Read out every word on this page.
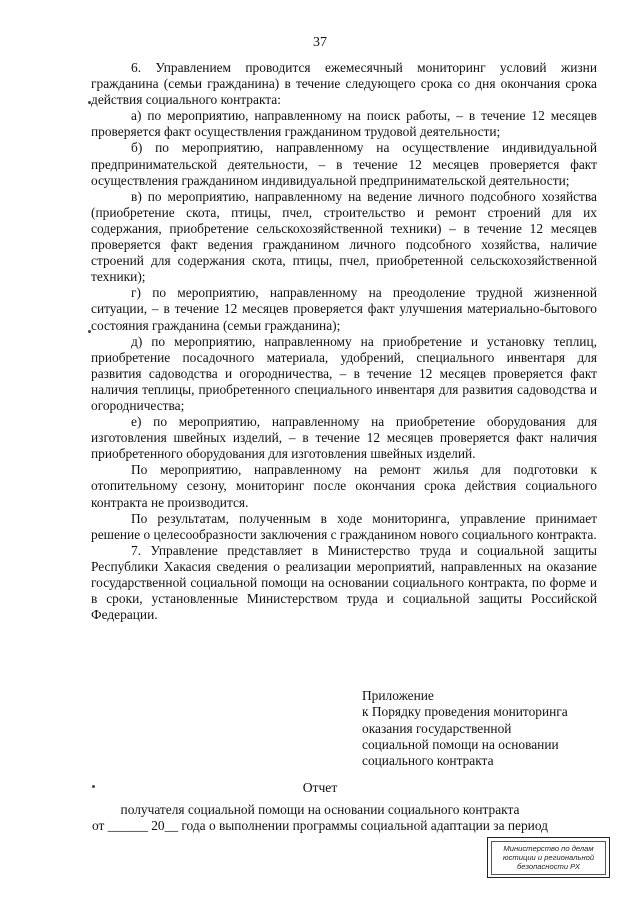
37

6. Управлением проводится ежемесячный мониторинг условий жизни гражданина (семьи гражданина) в течение следующего срока со дня окончания срока действия социального контракта:

а) по мероприятию, направленному на поиск работы, – в течение 12 месяцев проверяется факт осуществления гражданином трудовой деятельности;

б) по мероприятию, направленному на осуществление индивидуальной предпринимательской деятельности, – в течение 12 месяцев проверяется факт осуществления гражданином индивидуальной предпринимательской деятельности;

в) по мероприятию, направленному на ведение личного подсобного хозяйства (приобретение скота, птицы, пчел, строительство и ремонт строений для их содержания, приобретение сельскохозяйственной техники) – в течение 12 месяцев проверяется факт ведения гражданином личного подсобного хозяйства, наличие строений для содержания скота, птицы, пчел, приобретенной сельскохозяйственной техники);

г) по мероприятию, направленному на преодоление трудной жизненной ситуации, – в течение 12 месяцев проверяется факт улучшения материально-бытового состояния гражданина (семьи гражданина);

д) по мероприятию, направленному на приобретение и установку теплиц, приобретение посадочного материала, удобрений, специального инвентаря для развития садоводства и огородничества, – в течение 12 месяцев проверяется факт наличия теплицы, приобретенного специального инвентаря для развития садоводства и огородничества;

е) по мероприятию, направленному на приобретение оборудования для изготовления швейных изделий, – в течение 12 месяцев проверяется факт наличия приобретенного оборудования для изготовления швейных изделий.

По мероприятию, направленному на ремонт жилья для подготовки к отопительному сезону, мониторинг после окончания срока действия социального контракта не производится.

По результатам, полученным в ходе мониторинга, управление принимает решение о целесообразности заключения с гражданином нового социального контракта.

7. Управление представляет в Министерство труда и социальной защиты Республики Хакасия сведения о реализации мероприятий, направленных на оказание государственной социальной помощи на основании социального контракта, по форме и в сроки, установленные Министерством труда и социальной защиты Российской Федерации.

Приложение
к Порядку проведения мониторинга
оказания государственной
социальной помощи на основании
социального контракта
Отчет
получателя социальной помощи на основании социального контракта
от ______ 20__ года о выполнении программы социальной адаптации за период
Министерство по делам
юстиции и региональной
безопасности РХ
